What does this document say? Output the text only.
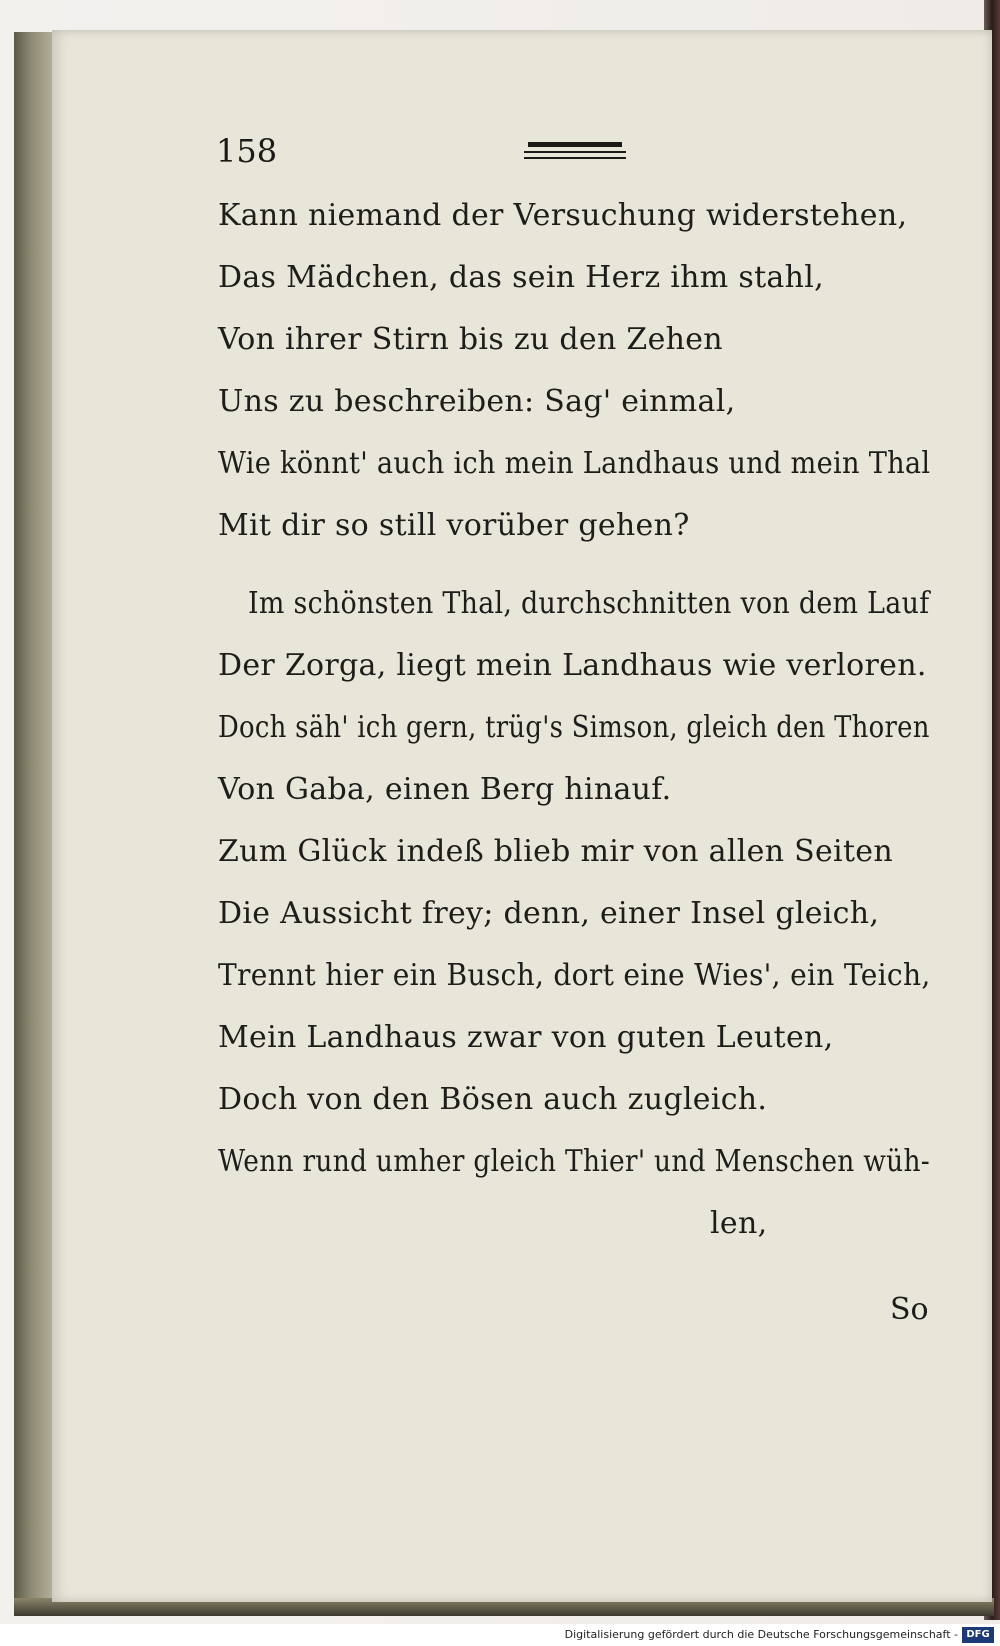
158
Kann niemand der Versuchung widerstehen,
Das Mädchen, das sein Herz ihm stahl,
Von ihrer Stirn bis zu den Zehen
Uns zu beschreiben: Sag' einmal,
Wie könnt' auch ich mein Landhaus und mein Thal
Mit dir so still vorüber gehen?
Im schönsten Thal, durchschnitten von dem Lauf
Der Zorga, liegt mein Landhaus wie verloren.
Doch säh' ich gern, trüg's Simson, gleich den Thoren
Von Gaba, einen Berg hinauf.
Zum Glück indeß blieb mir von allen Seiten
Die Aussicht frey; denn, einer Insel gleich,
Trennt hier ein Busch, dort eine Wies', ein Teich,
Mein Landhaus zwar von guten Leuten,
Doch von den Bösen auch zugleich.
Wenn rund umher gleich Thier' und Menschen wüh-
len,
So
Digitalisierung gefördert durch die Deutsche Forschungsgemeinschaft - DFG
